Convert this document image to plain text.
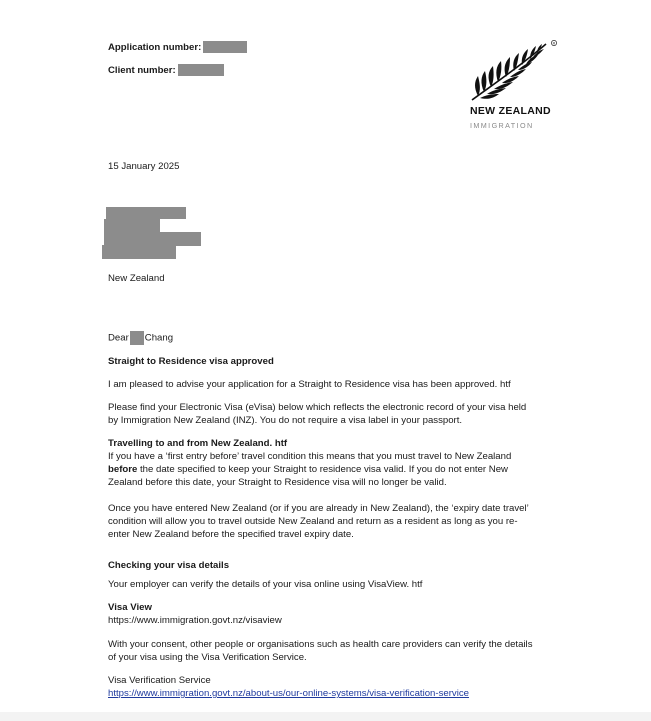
Application number:
Client number:
R
NEW ZEALAND
IMMIGRATION
15 January 2025
New Zealand
Dear Chang
Straight to Residence visa approved
I am pleased to advise your application for a Straight to Residence visa has been approved. htf
Please find your Electronic Visa (eVisa) below which reflects the electronic record of your visa held
by Immigration New Zealand (INZ). You do not require a visa label in your passport.
Travelling to and from New Zealand. htf
If you have a ‘first entry before’ travel condition this means that you must travel to New Zealand
before the date specified to keep your Straight to residence visa valid. If you do not enter New
Zealand before this date, your Straight to Residence visa will no longer be valid.
Once you have entered New Zealand (or if you are already in New Zealand), the ‘expiry date travel’
condition will allow you to travel outside New Zealand and return as a resident as long as you re-
enter New Zealand before the specified travel expiry date.
Checking your visa details
Your employer can verify the details of your visa online using VisaView. htf
Visa View
https://www.immigration.govt.nz/visaview
With your consent, other people or organisations such as health care providers can verify the details
of your visa using the Visa Verification Service.
Visa Verification Service
https://www.immigration.govt.nz/about-us/our-online-systems/visa-verification-service
